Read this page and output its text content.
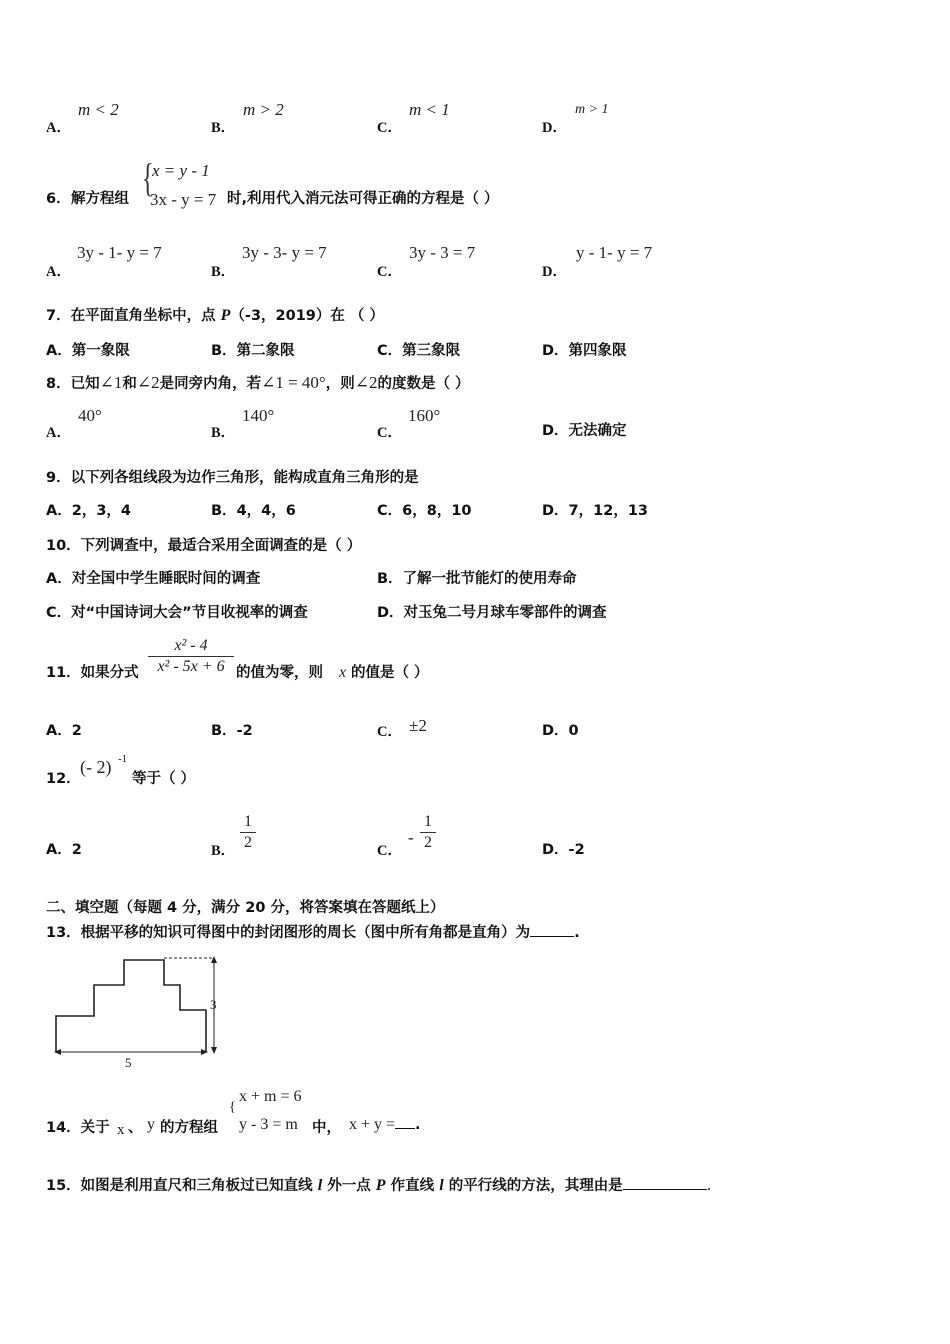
A．
m < 2
B．
m > 2
C．
m < 1
D．
m > 1
6． 解方程组 {
x = y - 1
3x - y = 7 时,利用代入消元法可得正确的方程是（ ）
A．
3y - 1- y = 7
B．
3y - 3- y = 7
C．
3y - 3 = 7
D．
y - 1- y = 7
7．在平面直角坐标中，点 P（-3，2019）在 （ ）
A．第一象限	B．第二象限	C．第三象限	D．第四象限
8．已知∠1和∠2是同旁内角，若∠1 = 40°，则∠2的度数是（ ）
A．
40°
B．
140°
C．
160°
D．无法确定
9．以下列各组线段为边作三角形，能构成直角三角形的是
A．2，3，4	B．4，4，6	C．6，8，10	D．7，12，13
10．下列调查中，最适合采用全面调查的是（ ）
A．对全国中学生睡眠时间的调查	B．了解一批节能灯的使用寿命
C．对“中国诗词大会”节目收视率的调查	D．对玉兔二号月球车零部件的调查
11．如果分式
x² - 4
x² - 5x + 6 的值为零，则 x 的值是（ ）
A．2	B．-2	C． ±2	D．0
12．
(- 2) -1
等于（ ）
A．2	B．
1
2	C．
-
1
2	D．-2
二、填空题（每题 4 分，满分 20 分，将答案填在答题纸上）
13．根据平移的知识可得图中的封闭图形的周长（图中所有角都是直角）为	.
3
5
14．关于 x 、 y 的方程组
{
x + m = 6
y - 3 = m 中， x + y = .
15．如图是利用直尺和三角板过已知直线 l 外一点 P 作直线 l 的平行线的方法，其理由是	.
